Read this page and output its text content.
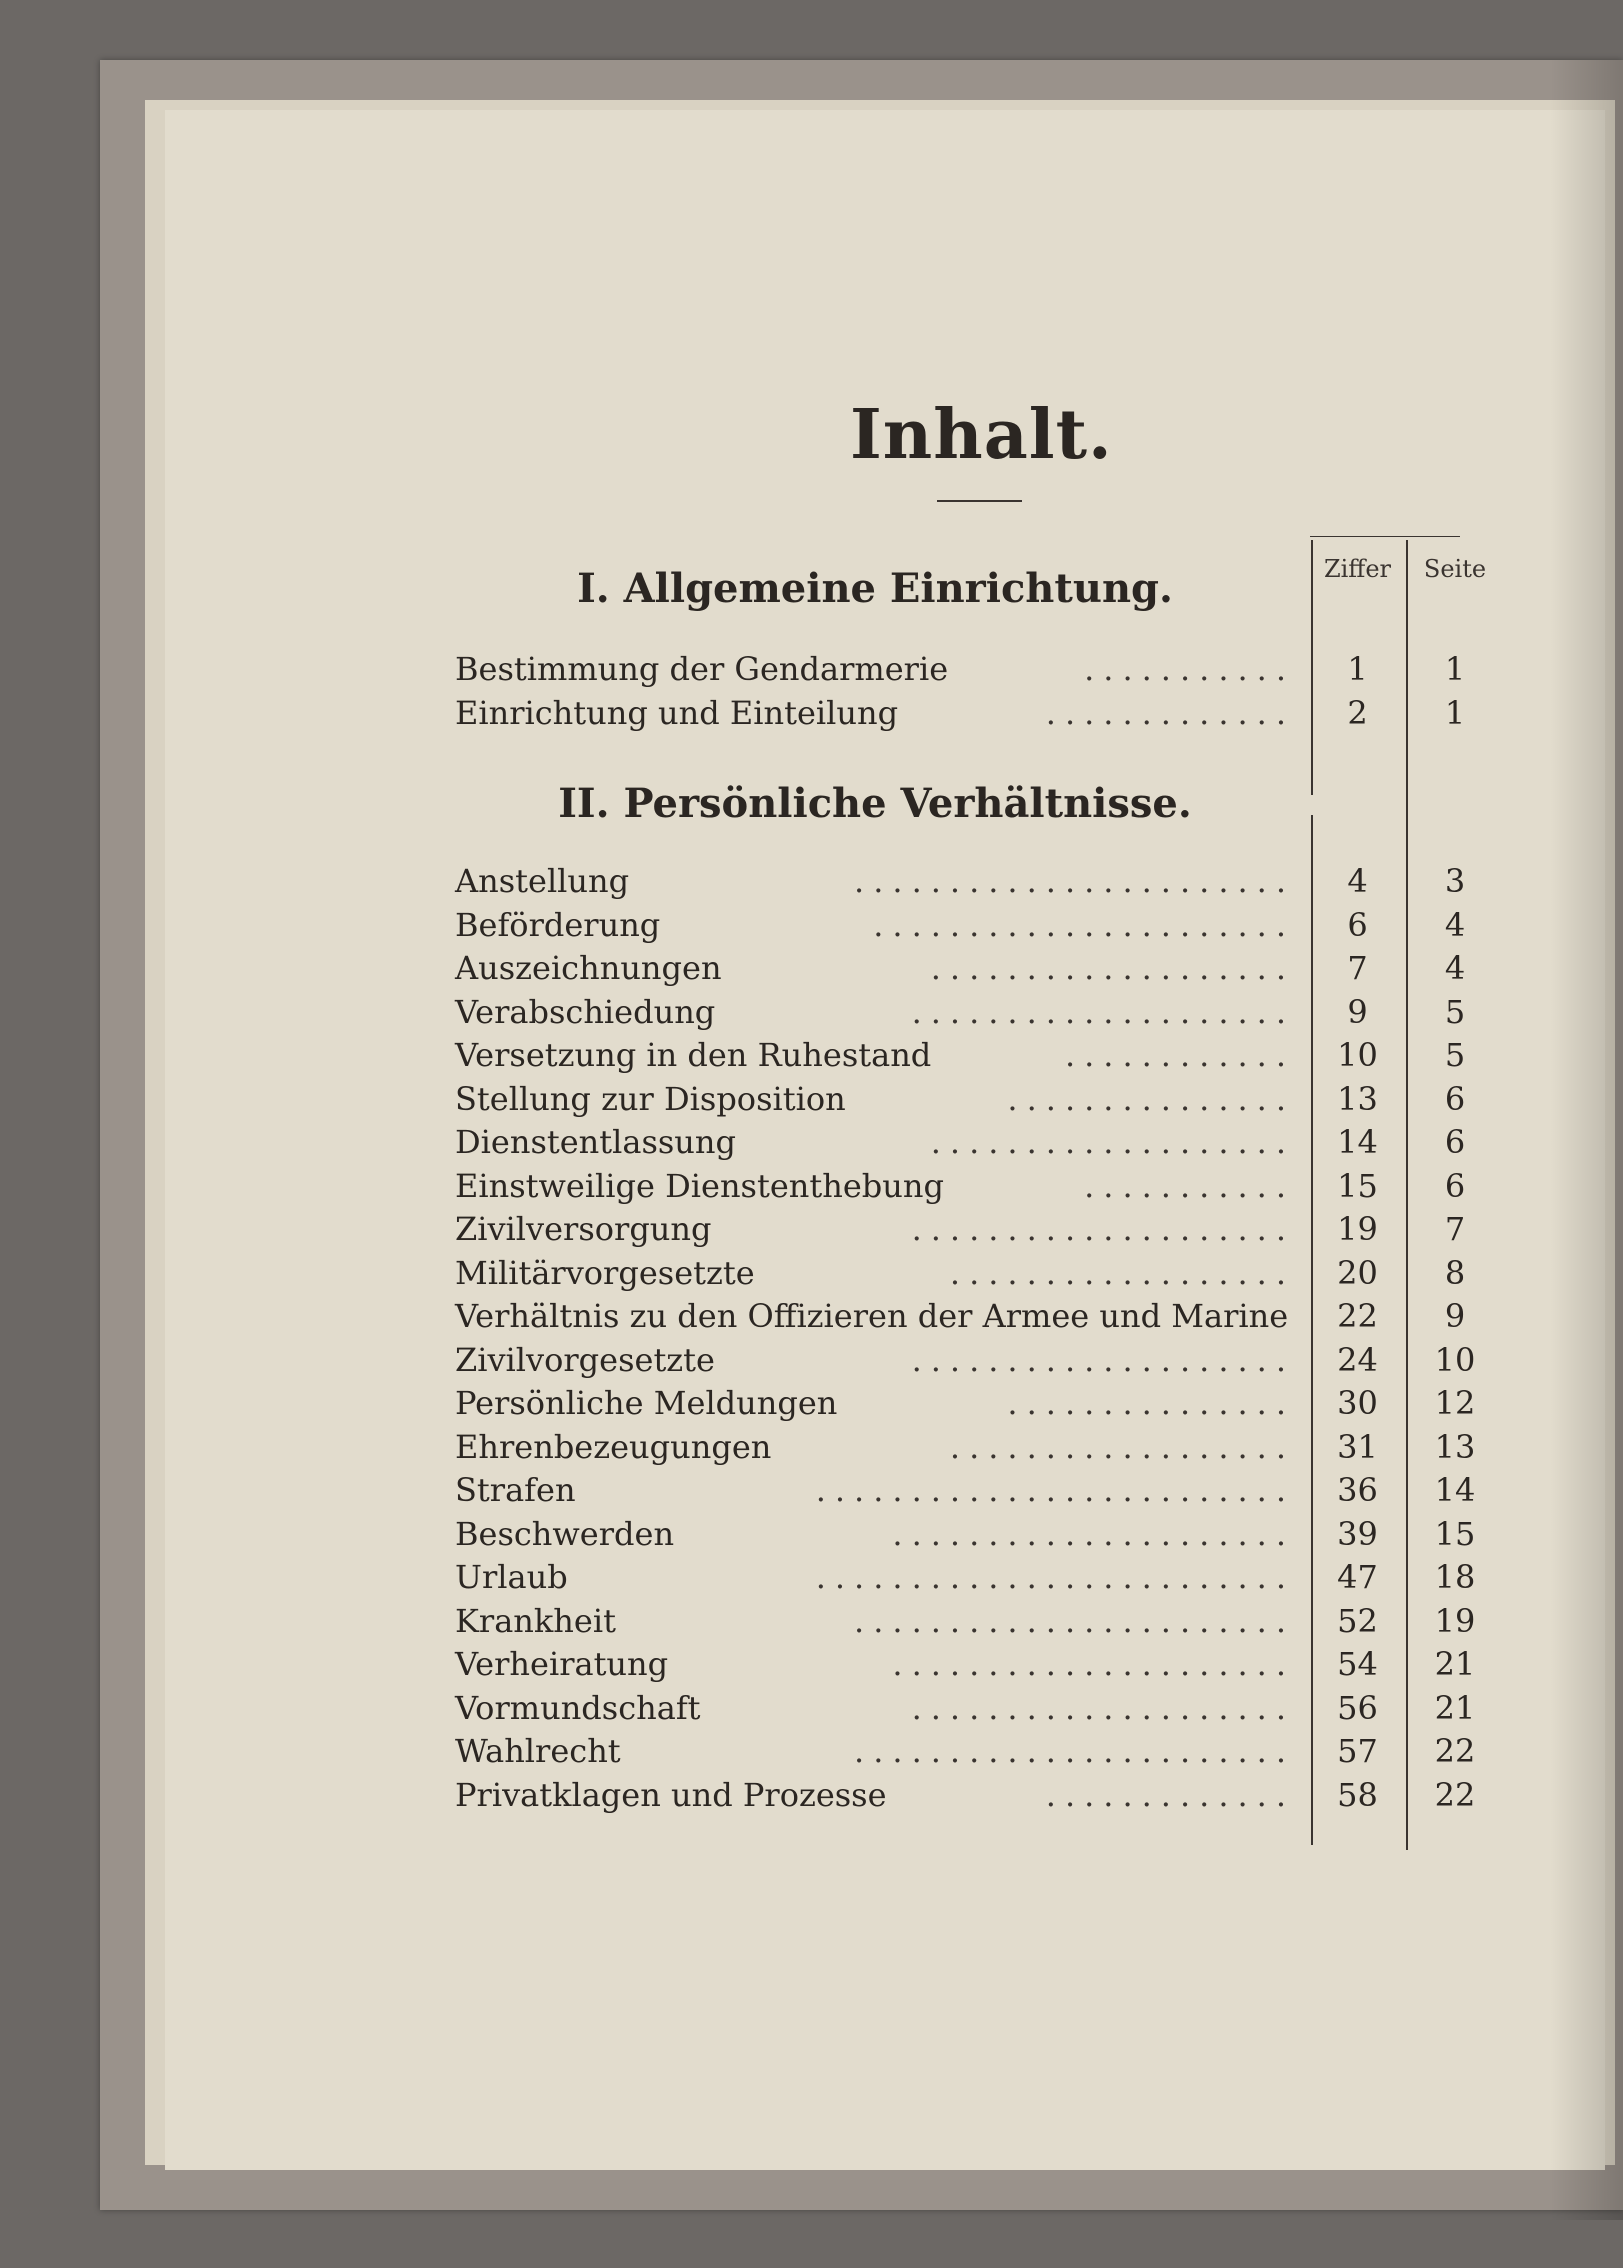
Inhalt.
Ziffer	Seite
I. Allgemeine Einrichtung.
II. Persönliche Verhältnisse.
Bestimmung der Gendarmerie	1	1
...........
Einrichtung und Einteilung	2	1
.............
Anstellung	4	3
.......................
Beförderung	6	4
......................
Auszeichnungen	7	4
...................
Verabschiedung	9	5
....................
Versetzung in den Ruhestand	10	5
............
Stellung zur Disposition	13	6
...............
Dienstentlassung	14	6
...................
Einstweilige Dienstenthebung	15	6
...........
Zivilversorgung	19	7
....................
Militärvorgesetzte	20	8
..................
Verhältnis zu den Offizieren der Armee und Marine	22	9
Zivilvorgesetzte	24	10
....................
Persönliche Meldungen	30	12
...............
Ehrenbezeugungen	31	13
..................
Strafen	36	14
.........................
Beschwerden	39	15
.....................
Urlaub	47	18
.........................
Krankheit	52	19
.......................
Verheiratung	54	21
.....................
Vormundschaft	56	21
....................
Wahlrecht	57	22
.......................
Privatklagen und Prozesse	58	22
.............
